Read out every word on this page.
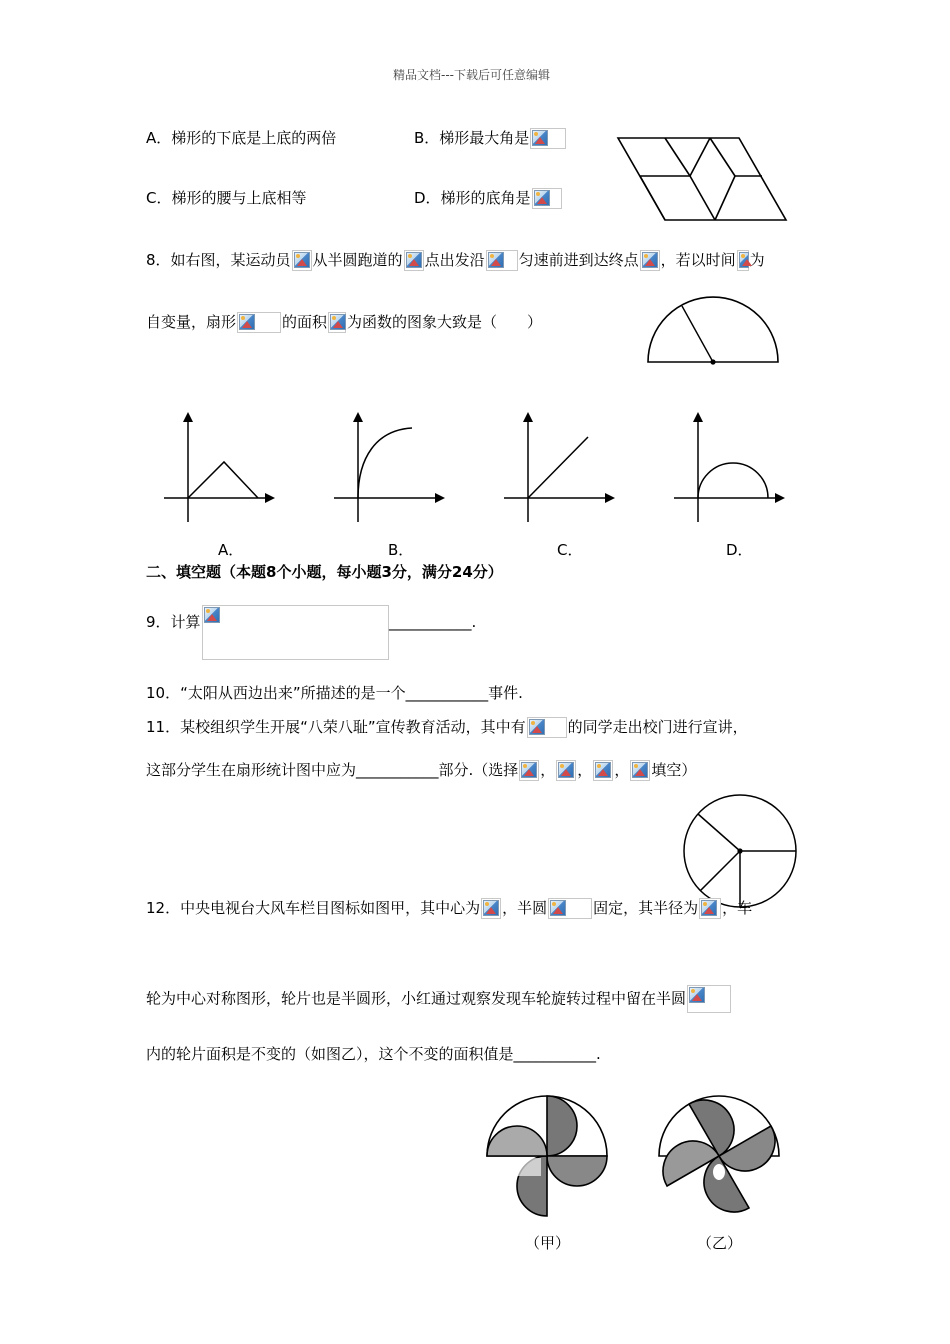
精品文档---下载后可任意编辑
A．梯形的下底是上底的两倍	B．梯形最大角是
C．梯形的腰与上底相等	D．梯形的底角是
8．如右图，某运动员 从半圆跑道的 点出发沿 匀速前进到达终点 ，若以时间 为
自变量，扇形	的面积 为函数的图象大致是（　　）
A．	B．	C．	D．
二、填空题（本题8个小题，每小题3分，满分24分）
9．计算	___________.
10．“太阳从西边出来”所描述的是一个___________事件.
11．某校组织学生开展“八荣八耻”宣传教育活动，其中有	的同学走出校门进行宣讲，
这部分学生在扇形统计图中应为___________部分.（选择 ， ， ， 填空）
12．中央电视台大风车栏目图标如图甲，其中心为 ，半圆	固定，其半径为 ，车
轮为中心对称图形，轮片也是半圆形，小红通过观察发现车轮旋转过程中留在半圆
内的轮片面积是不变的（如图乙），这个不变的面积值是___________.
（甲）	（乙）
